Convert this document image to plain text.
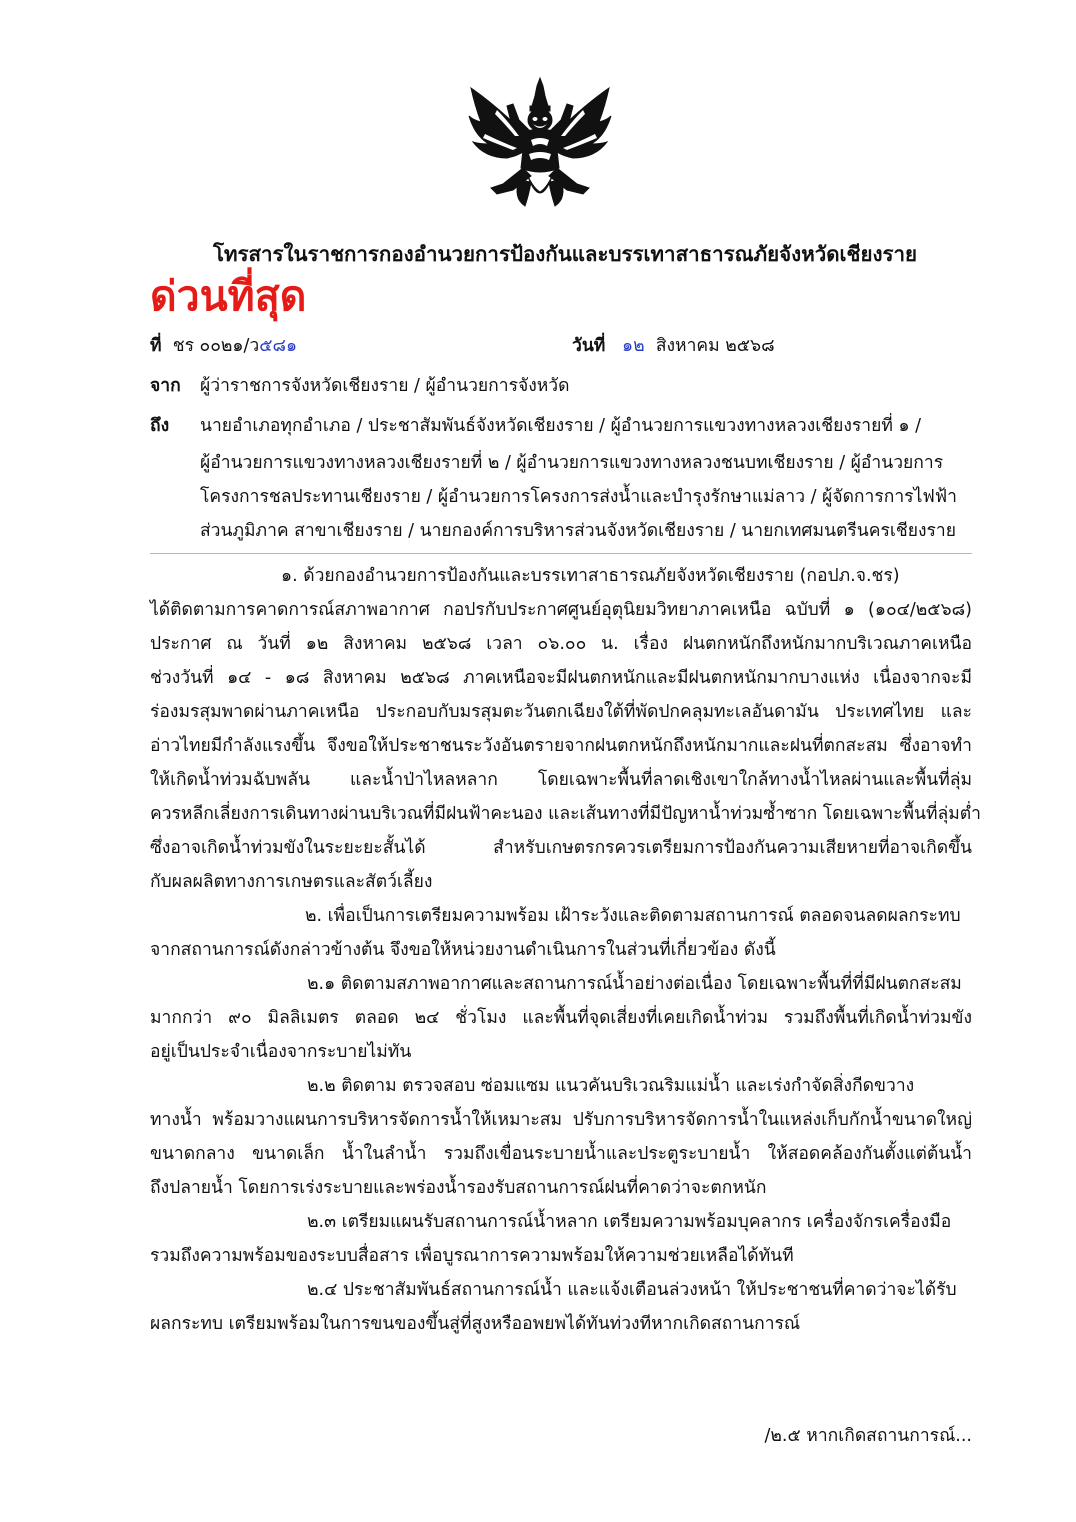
โทรสารในราชการกองอำนวยการป้องกันและบรรเทาสาธารณภัยจังหวัดเชียงราย
ด่วนที่สุด
ที่ ชร ๐๐๒๑/ว๕๘๑	วันที่ ๑๒ สิงหาคม ๒๕๖๘
จาก ผู้ว่าราชการจังหวัดเชียงราย / ผู้อำนวยการจังหวัด
ถึง นายอำเภอทุกอำเภอ / ประชาสัมพันธ์จังหวัดเชียงราย / ผู้อำนวยการแขวงทางหลวงเชียงรายที่ ๑ /
ผู้อำนวยการแขวงทางหลวงเชียงรายที่ ๒ / ผู้อำนวยการแขวงทางหลวงชนบทเชียงราย / ผู้อำนวยการ
โครงการชลประทานเชียงราย / ผู้อำนวยการโครงการส่งน้ำและบำรุงรักษาแม่ลาว / ผู้จัดการการไฟฟ้า
ส่วนภูมิภาค สาขาเชียงราย / นายกองค์การบริหารส่วนจังหวัดเชียงราย / นายกเทศมนตรีนครเชียงราย
๑. ด้วยกองอำนวยการป้องกันและบรรเทาสาธารณภัยจังหวัดเชียงราย (กอปภ.จ.ชร)
ได้ติดตามการคาดการณ์สภาพอากาศ กอปรกับประกาศศูนย์อุตุนิยมวิทยาภาคเหนือ ฉบับที่ ๑ (๑๐๔/๒๕๖๘)
ประกาศ ณ วันที่ ๑๒ สิงหาคม ๒๕๖๘ เวลา ๐๖.๐๐ น. เรื่อง ฝนตกหนักถึงหนักมากบริเวณภาคเหนือ
ช่วงวันที่ ๑๔ - ๑๘ สิงหาคม ๒๕๖๘ ภาคเหนือจะมีฝนตกหนักและมีฝนตกหนักมากบางแห่ง เนื่องจากจะมี
ร่องมรสุมพาดผ่านภาคเหนือ ประกอบกับมรสุมตะวันตกเฉียงใต้ที่พัดปกคลุมทะเลอันดามัน ประเทศไทย และ
อ่าวไทยมีกำลังแรงขึ้น จึงขอให้ประชาชนระวังอันตรายจากฝนตกหนักถึงหนักมากและฝนที่ตกสะสม ซึ่งอาจทำ
ให้เกิดน้ำท่วมฉับพลัน และน้ำป่าไหลหลาก โดยเฉพาะพื้นที่ลาดเชิงเขาใกล้ทางน้ำไหลผ่านและพื้นที่ลุ่ม
ควรหลีกเลี่ยงการเดินทางผ่านบริเวณที่มีฝนฟ้าคะนอง และเส้นทางที่มีปัญหาน้ำท่วมซ้ำซาก โดยเฉพาะพื้นที่ลุ่มต่ำ
ซึ่งอาจเกิดน้ำท่วมขังในระยะยะสั้นได้ สำหรับเกษตรกรควรเตรียมการป้องกันความเสียหายที่อาจเกิดขึ้น
กับผลผลิตทางการเกษตรและสัตว์เลี้ยง
๒. เพื่อเป็นการเตรียมความพร้อม เฝ้าระวังและติดตามสถานการณ์ ตลอดจนลดผลกระทบ
จากสถานการณ์ดังกล่าวข้างต้น จึงขอให้หน่วยงานดำเนินการในส่วนที่เกี่ยวข้อง ดังนี้
๒.๑ ติดตามสภาพอากาศและสถานการณ์น้ำอย่างต่อเนื่อง โดยเฉพาะพื้นที่ที่มีฝนตกสะสม
มากกว่า ๙๐ มิลลิเมตร ตลอด ๒๔ ชั่วโมง และพื้นที่จุดเสี่ยงที่เคยเกิดน้ำท่วม รวมถึงพื้นที่เกิดน้ำท่วมขัง
อยู่เป็นประจำเนื่องจากระบายไม่ทัน
๒.๒ ติดตาม ตรวจสอบ ซ่อมแซม แนวคันบริเวณริมแม่น้ำ และเร่งกำจัดสิ่งกีดขวาง
ทางน้ำ พร้อมวางแผนการบริหารจัดการน้ำให้เหมาะสม ปรับการบริหารจัดการน้ำในแหล่งเก็บกักน้ำขนาดใหญ่
ขนาดกลาง ขนาดเล็ก น้ำในลำน้ำ รวมถึงเขื่อนระบายน้ำและประตูระบายน้ำ ให้สอดคล้องกันตั้งแต่ต้นน้ำ
ถึงปลายน้ำ โดยการเร่งระบายและพร่องน้ำรองรับสถานการณ์ฝนที่คาดว่าจะตกหนัก
๒.๓ เตรียมแผนรับสถานการณ์น้ำหลาก เตรียมความพร้อมบุคลากร เครื่องจักรเครื่องมือ
รวมถึงความพร้อมของระบบสื่อสาร เพื่อบูรณาการความพร้อมให้ความช่วยเหลือได้ทันที
๒.๔ ประชาสัมพันธ์สถานการณ์น้ำ และแจ้งเตือนล่วงหน้า ให้ประชาชนที่คาดว่าจะได้รับ
ผลกระทบ เตรียมพร้อมในการขนของขึ้นสู่ที่สูงหรืออพยพได้ทันท่วงทีหากเกิดสถานการณ์
/๒.๕ หากเกิดสถานการณ์...
